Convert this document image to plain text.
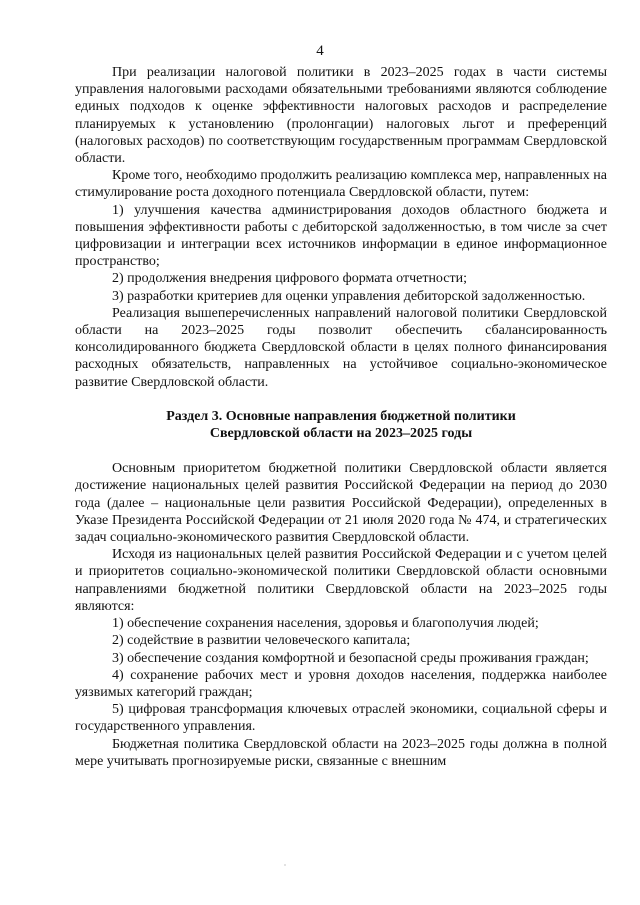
4

При реализации налоговой политики в 2023–2025 годах в части системы управления налоговыми расходами обязательными требованиями являются соблюдение единых подходов к оценке эффективности налоговых расходов и распределение планируемых к установлению (пролонгации) налоговых льгот и преференций (налоговых расходов) по соответствующим государственным программам Свердловской области.

Кроме того, необходимо продолжить реализацию комплекса мер, направленных на стимулирование роста доходного потенциала Свердловской области, путем:

1) улучшения качества администрирования доходов областного бюджета и повышения эффективности работы с дебиторской задолженностью, в том числе за счет цифровизации и интеграции всех источников информации в единое информационное пространство;

2) продолжения внедрения цифрового формата отчетности;

3) разработки критериев для оценки управления дебиторской задолженностью.

Реализация вышеперечисленных направлений налоговой политики Свердловской области на 2023–2025 годы позволит обеспечить сбалансированность консолидированного бюджета Свердловской области в целях полного финансирования расходных обязательств, направленных на устойчивое социально-экономическое развитие Свердловской области.

Раздел 3. Основные направления бюджетной политики

Свердловской области на 2023–2025 годы

Основным приоритетом бюджетной политики Свердловской области является достижение национальных целей развития Российской Федерации на период до 2030 года (далее – национальные цели развития Российской Федерации), определенных в Указе Президента Российской Федерации от 21 июля 2020 года № 474, и стратегических задач социально-экономического развития Свердловской области.

Исходя из национальных целей развития Российской Федерации и с учетом целей и приоритетов социально-экономической политики Свердловской области основными направлениями бюджетной политики Свердловской области на 2023–2025 годы являются:

1) обеспечение сохранения населения, здоровья и благополучия людей;

2) содействие в развитии человеческого капитала;

3) обеспечение создания комфортной и безопасной среды проживания граждан;

4) сохранение рабочих мест и уровня доходов населения, поддержка наиболее уязвимых категорий граждан;

5) цифровая трансформация ключевых отраслей экономики, социальной сферы и государственного управления.

Бюджетная политика Свердловской области на 2023–2025 годы должна в полной мере учитывать прогнозируемые риски, связанные с внешним
